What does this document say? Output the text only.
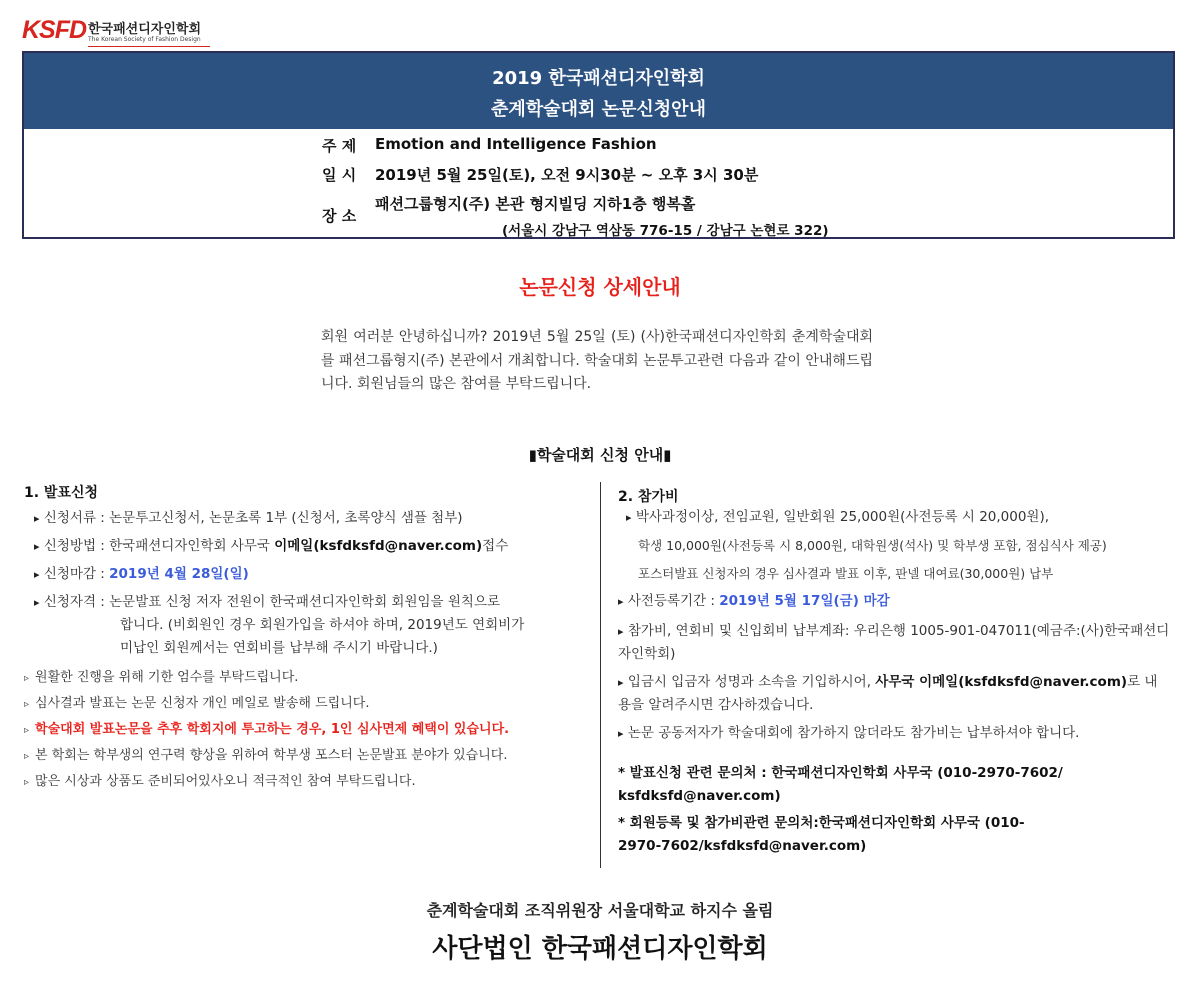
KSFD 한국패션디자인학회
The Korean Society of Fashion Design
2019 한국패션디자인학회
춘계학술대회 논문신청안내
주 제	Emotion and Intelligence Fashion
일 시	2019년 5월 25일(토), 오전 9시30분 ~ 오후 3시 30분
장 소
패션그룹형지(주) 본관 형지빌딩 지하1층 행복홀
(서울시 강남구 역삼동 776-15 / 강남구 논현로 322)
논문신청 상세안내
회원 여러분 안녕하십니까? 2019년 5월 25일 (토) (사)한국패션디자인학회 춘계학술대회를 패션그룹형지(주) 본관에서 개최합니다. 학술대회 논문투고관련 다음과 같이 안내해드립니다. 회원님들의 많은 참여를 부탁드립니다.
▮학술대회 신청 안내▮
1. 발표신청
▸ 신청서류 : 논문투고신청서, 논문초록 1부 (신청서, 초록양식 샘플 첨부)
▸ 신청방법 : 한국패션디자인학회 사무국 이메일(ksfdksfd@naver.com)접수
▸ 신청마감 : 2019년 4월 28일(일)
▸ 신청자격 : 논문발표 신청 저자 전원이 한국패션디자인학회 회원임을 원칙으로
합니다. (비회원인 경우 회원가입을 하셔야 하며, 2019년도 연회비가
미납인 회원께서는 연회비를 납부해 주시기 바랍니다.)
▹ 원활한 진행을 위해 기한 엄수를 부탁드립니다.
▹ 심사결과 발표는 논문 신청자 개인 메일로 발송해 드립니다.
▹ 학술대회 발표논문을 추후 학회지에 투고하는 경우, 1인 심사면제 혜택이 있습니다.
▹ 본 학회는 학부생의 연구력 향상을 위하여 학부생 포스터 논문발표 분야가 있습니다.
▹ 많은 시상과 상품도 준비되어있사오니 적극적인 참여 부탁드립니다.
2. 참가비
▸ 박사과정이상, 전임교원, 일반회원 25,000원(사전등록 시 20,000원),
학생 10,000원(사전등록 시 8,000원, 대학원생(석사) 및 학부생 포함, 점심식사 제공)
포스터발표 신청자의 경우 심사결과 발표 이후, 판넬 대여료(30,000원) 납부
▸ 사전등록기간 : 2019년 5월 17일(금) 마감
▸ 참가비, 연회비 및 신입회비 납부계좌: 우리은행 1005-901-047011(예금주:(사)한국패션디자인학회)
▸ 입금시 입금자 성명과 소속을 기입하시어, 사무국 이메일(ksfdksfd@naver.com)로 내용을 알려주시면 감사하겠습니다.
▸ 논문 공동저자가 학술대회에 참가하지 않더라도 참가비는 납부하셔야 합니다.
* 발표신청 관련 문의처 : 한국패션디자인학회 사무국 (010-2970-7602/ ksfdksfd@naver.com)
* 회원등록 및 참가비관련 문의처:한국패션디자인학회 사무국 (010-2970-7602/ksfdksfd@naver.com)
춘계학술대회 조직위원장 서울대학교 하지수 올림
사단법인 한국패션디자인학회
